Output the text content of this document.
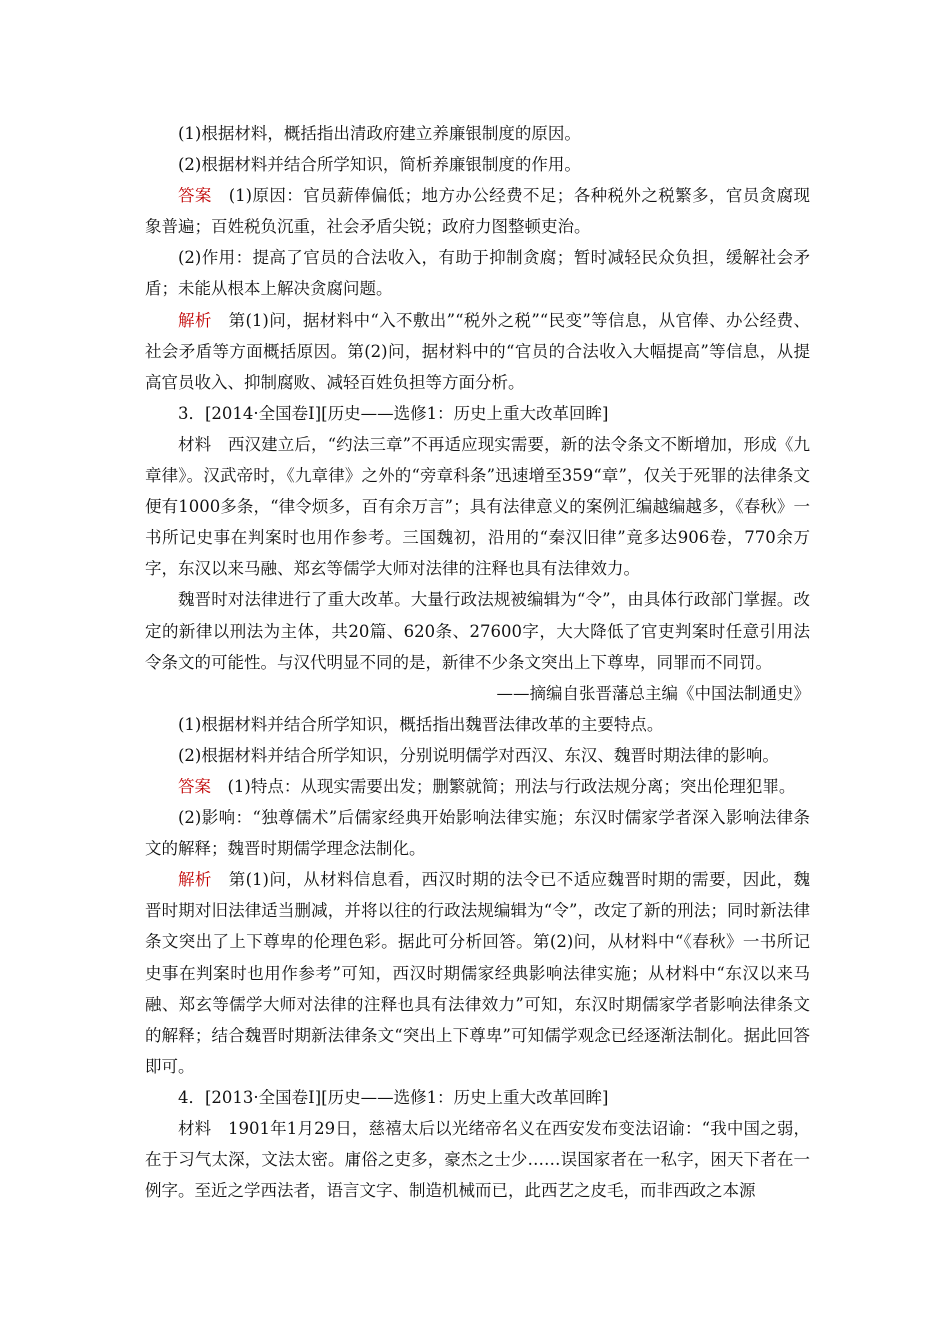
(1)根据材料，概括指出清政府建立养廉银制度的原因。

(2)根据材料并结合所学知识，简析养廉银制度的作用。

答案　(1)原因：官员薪俸偏低；地方办公经费不足；各种税外之税繁多，官员贪腐现象普遍；百姓税负沉重，社会矛盾尖锐；政府力图整顿吏治。

(2)作用：提高了官员的合法收入，有助于抑制贪腐；暂时减轻民众负担，缓解社会矛盾；未能从根本上解决贪腐问题。

解析　第(1)问，据材料中“入不敷出”“税外之税”“民变”等信息，从官俸、办公经费、社会矛盾等方面概括原因。第(2)问，据材料中的“官员的合法收入大幅提高”等信息，从提高官员收入、抑制腐败、减轻百姓负担等方面分析。

3．[2014·全国卷Ⅰ][历史——选修1：历史上重大改革回眸]

材料　西汉建立后，“约法三章”不再适应现实需要，新的法令条文不断增加，形成《九章律》。汉武帝时，《九章律》之外的“旁章科条”迅速增至359“章”，仅关于死罪的法律条文便有1000多条，“律令烦多，百有余万言”；具有法律意义的案例汇编越编越多，《春秋》一书所记史事在判案时也用作参考。三国魏初，沿用的“秦汉旧律”竟多达906卷，770余万字，东汉以来马融、郑玄等儒学大师对法律的注释也具有法律效力。

魏晋时对法律进行了重大改革。大量行政法规被编辑为“令”，由具体行政部门掌握。改定的新律以刑法为主体，共20篇、620条、27600字，大大降低了官吏判案时任意引用法令条文的可能性。与汉代明显不同的是，新律不少条文突出上下尊卑，同罪而不同罚。

——摘编自张晋藩总主编《中国法制通史》

(1)根据材料并结合所学知识，概括指出魏晋法律改革的主要特点。

(2)根据材料并结合所学知识，分别说明儒学对西汉、东汉、魏晋时期法律的影响。

答案　(1)特点：从现实需要出发；删繁就简；刑法与行政法规分离；突出伦理犯罪。

(2)影响：“独尊儒术”后儒家经典开始影响法律实施；东汉时儒家学者深入影响法律条文的解释；魏晋时期儒学理念法制化。

解析　第(1)问，从材料信息看，西汉时期的法令已不适应魏晋时期的需要，因此，魏晋时期对旧法律适当删减，并将以往的行政法规编辑为“令”，改定了新的刑法；同时新法律条文突出了上下尊卑的伦理色彩。据此可分析回答。第(2)问，从材料中“《春秋》一书所记史事在判案时也用作参考”可知，西汉时期儒家经典影响法律实施；从材料中“东汉以来马融、郑玄等儒学大师对法律的注释也具有法律效力”可知，东汉时期儒家学者影响法律条文的解释；结合魏晋时期新法律条文“突出上下尊卑”可知儒学观念已经逐渐法制化。据此回答即可。

4．[2013·全国卷Ⅰ][历史——选修1：历史上重大改革回眸]

材料　1901年1月29日，慈禧太后以光绪帝名义在西安发布变法诏谕：“我中国之弱，在于习气太深，文法太密。庸俗之吏多，豪杰之士少……误国家者在一私字，困天下者在一例字。至近之学西法者，语言文字、制造机械而已，此西艺之皮毛，而非西政之本源
